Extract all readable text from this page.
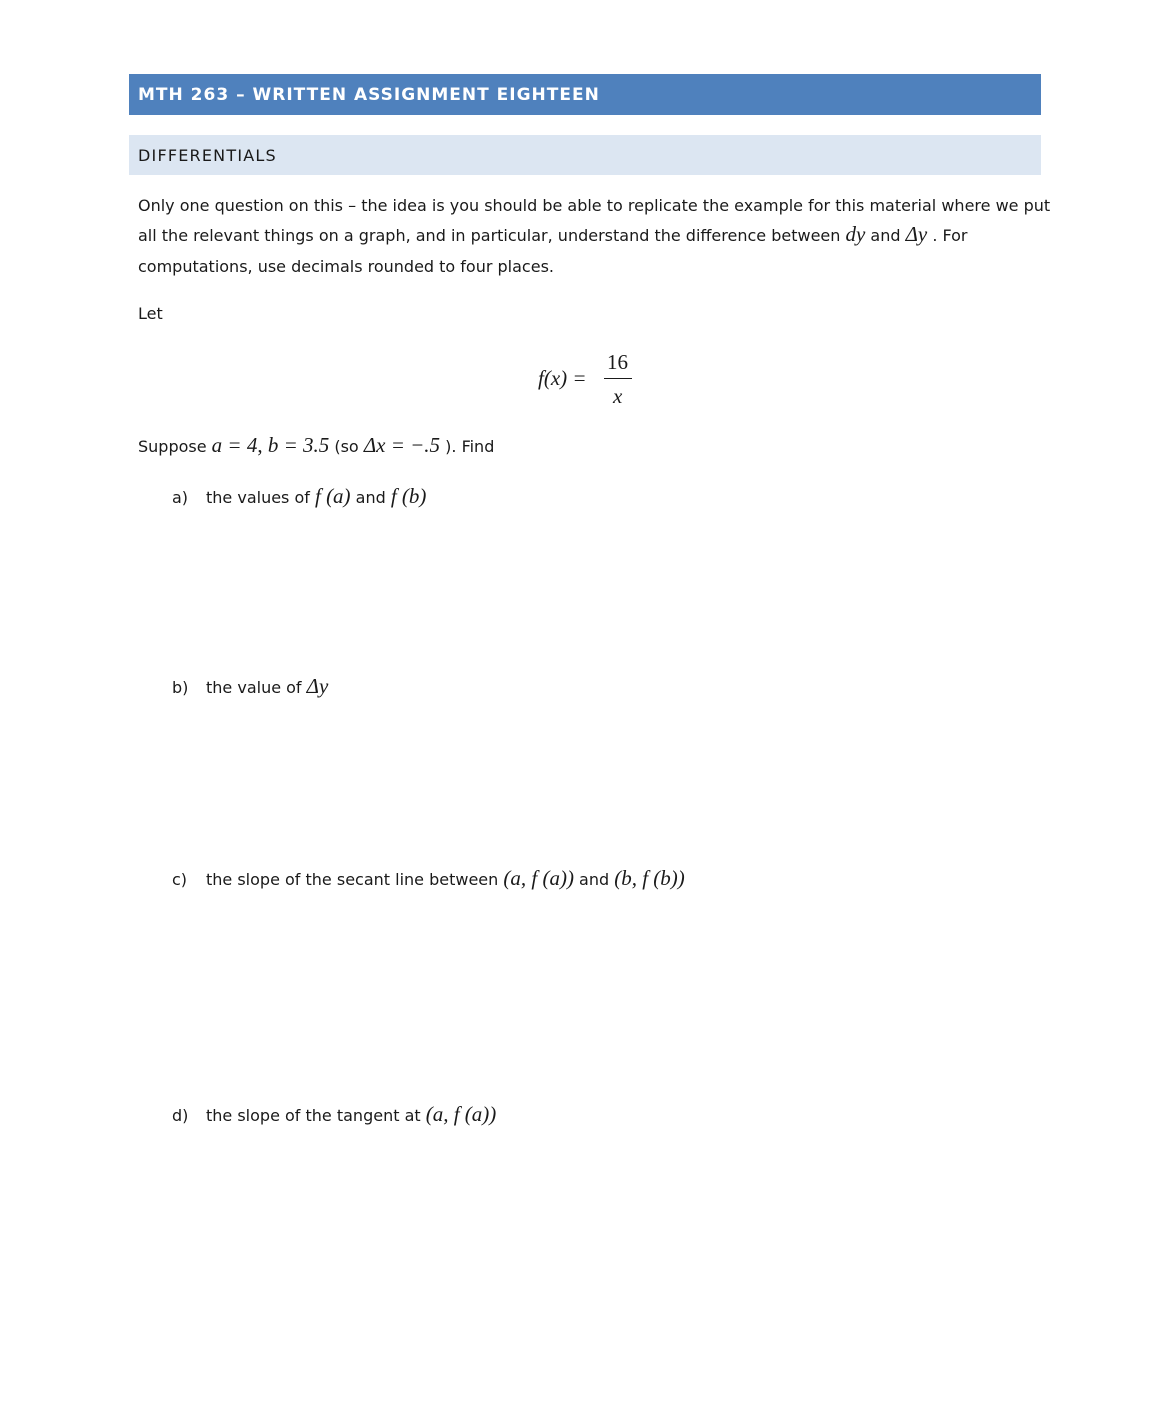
MTH 263 – WRITTEN ASSIGNMENT EIGHTEEN
DIFFERENTIALS
Only one question on this – the idea is you should be able to replicate the example for this material where we put
all the relevant things on a graph, and in particular, understand the difference between dy and Δy . For
computations, use decimals rounded to four places.
Let
f(x) =
16
x
Suppose a = 4, b = 3.5 (so Δx = −.5 ). Find
a) the values of f (a) and f (b)
b) the value of Δy
c) the slope of the secant line between (a, f (a)) and (b, f (b))
d) the slope of the tangent at (a, f (a))
